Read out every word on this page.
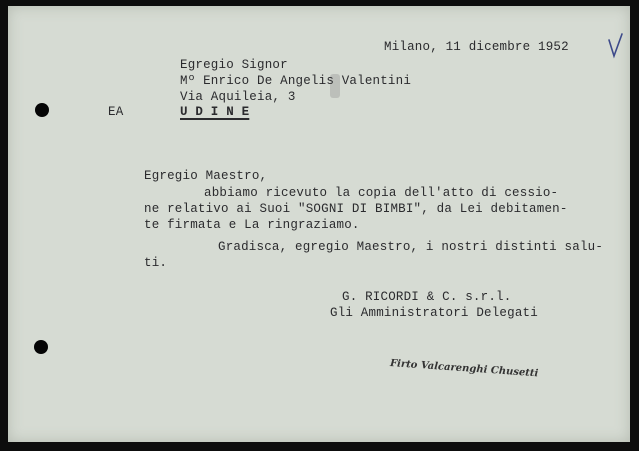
Milano, 11 dicembre 1952
Egregio Signor
Mº Enrico De Angelis Valentini
Via Aquileia, 3
U D I N E
EA
Egregio Maestro,
abbiamo ricevuto la copia dell'atto di cessio-
ne relativo ai Suoi "SOGNI DI BIMBI", da Lei debitamen-
te firmata e La ringraziamo.
Gradisca, egregio Maestro, i nostri distinti salu-
ti.
G. RICORDI & C. s.r.l.
Gli Amministratori Delegati
Firto Valcarenghi Chusetti
